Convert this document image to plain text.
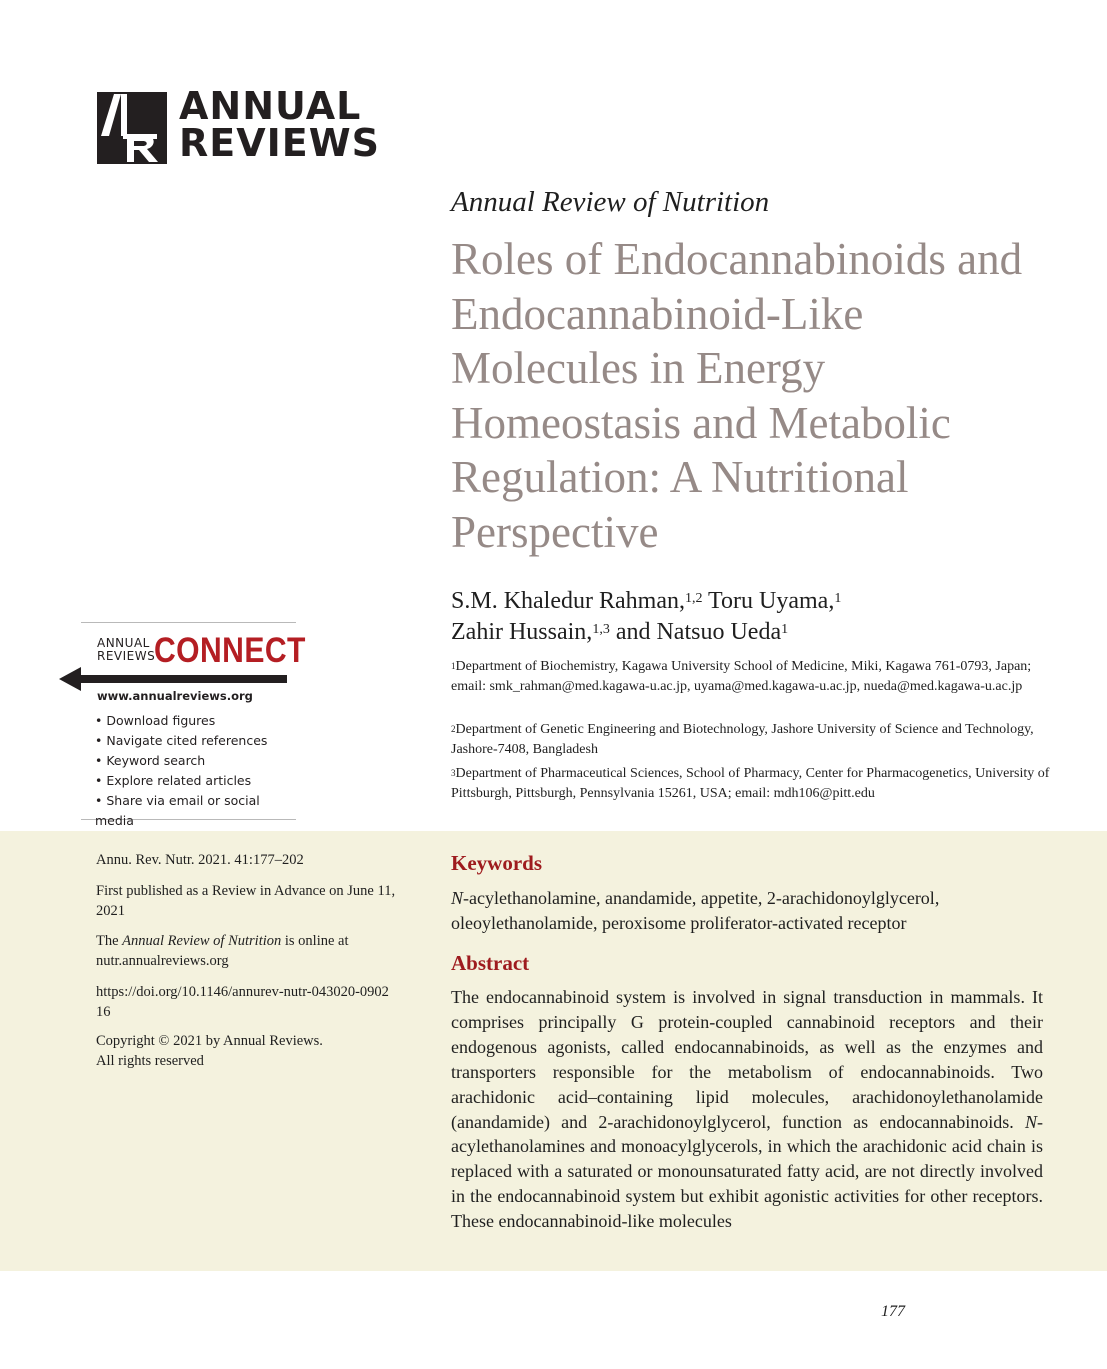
ANNUAL
REVIEWS
Annual Review of Nutrition
Roles of Endocannabinoids and Endocannabinoid-Like Molecules in Energy Homeostasis and Metabolic Regulation: A Nutritional Perspective
S.M. Khaledur Rahman,$^{1,2}$ Toru Uyama,$^1$
Zahir Hussain,$^{1,3}$ and Natsuo Ueda$^1$
$^1$Department of Biochemistry, Kagawa University School of Medicine, Miki, Kagawa 761-0793, Japan; email: smk_rahman@med.kagawa-u.ac.jp, uyama@med.kagawa-u.ac.jp, nueda@med.kagawa-u.ac.jp
$^2$Department of Genetic Engineering and Biotechnology, Jashore University of Science and Technology, Jashore-7408, Bangladesh
$^3$Department of Pharmaceutical Sciences, School of Pharmacy, Center for Pharmacogenetics, University of Pittsburgh, Pittsburgh, Pennsylvania 15261, USA; email: mdh106@pitt.edu
ANNUAL
REVIEWS
CONNECT
www.annualreviews.org
• Download figures
• Navigate cited references
• Keyword search
• Explore related articles
• Share via email or social media
Annu. Rev. Nutr. 2021. 41:177–202
First published as a Review in Advance on June 11, 2021
The Annual Review of Nutrition is online at nutr.annualreviews.org
https://doi.org/10.1146/annurev-nutr-043020-090216
Copyright © 2021 by Annual Reviews. All rights reserved
Keywords
N-acylethanolamine, anandamide, appetite, 2-arachidonoylglycerol, oleoylethanolamide, peroxisome proliferator-activated receptor
Abstract
The endocannabinoid system is involved in signal transduction in mammals. It comprises principally G protein-coupled cannabinoid receptors and their endogenous agonists, called endocannabinoids, as well as the enzymes and transporters responsible for the metabolism of endocannabinoids. Two arachidonic acid–containing lipid molecules, arachidonoylethanolamide (anandamide) and 2-arachidonoylglycerol, function as endocannabinoids. N-acylethanolamines and monoacylglycerols, in which the arachidonic acid chain is replaced with a saturated or monounsaturated fatty acid, are not directly involved in the endocannabinoid system but exhibit agonistic activities for other receptors. These endocannabinoid-like molecules
177
